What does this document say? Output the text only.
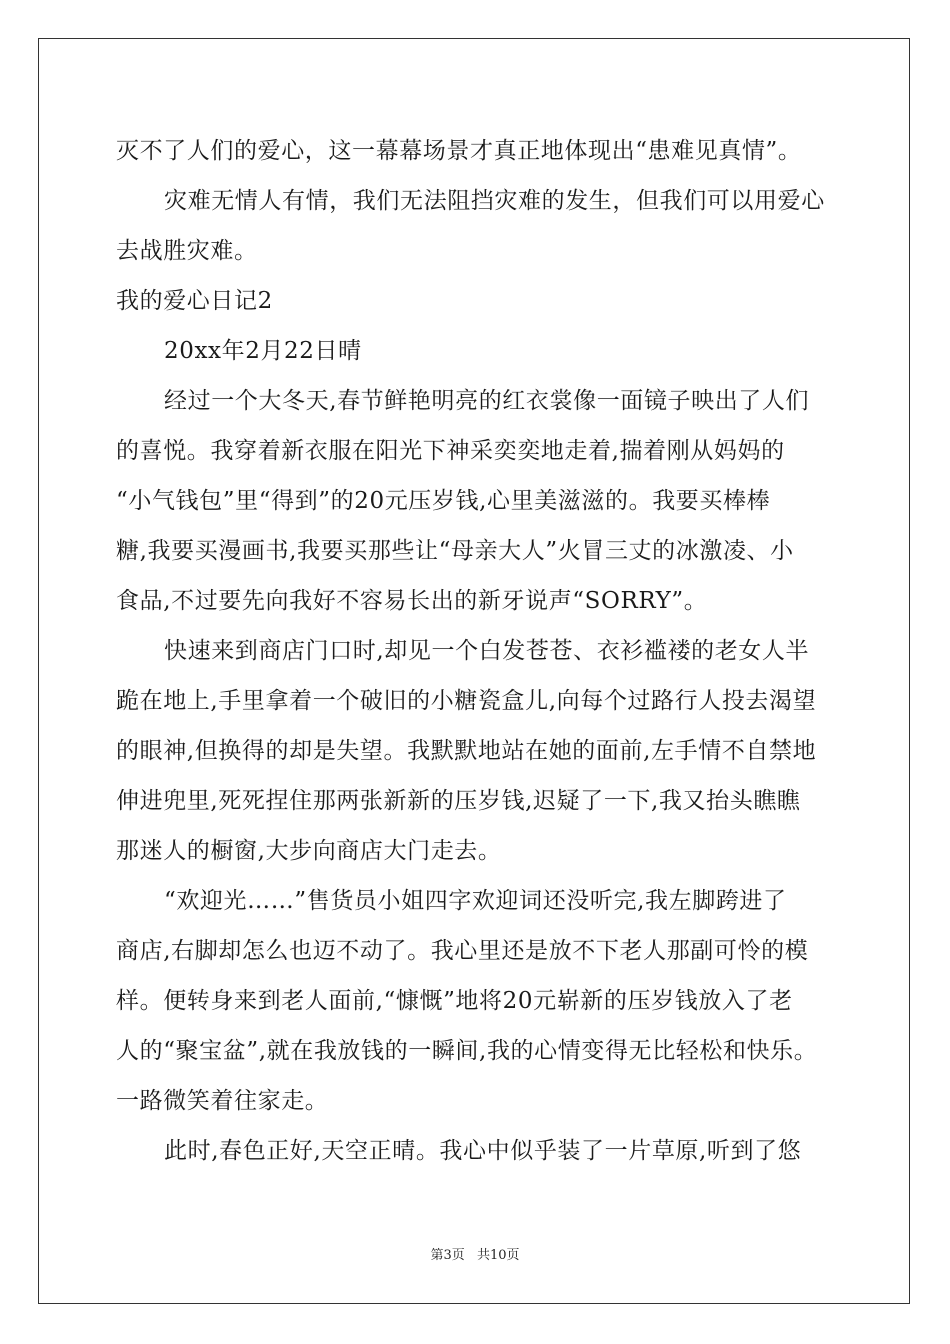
灭不了人们的爱心，这一幕幕场景才真正地体现出“患难见真情”。
灾难无情人有情，我们无法阻挡灾难的发生，但我们可以用爱心
去战胜灾难。
我的爱心日记2
20xx年2月22日晴
经过一个大冬天,春节鲜艳明亮的红衣裳像一面镜子映出了人们
的喜悦。我穿着新衣服在阳光下神采奕奕地走着,揣着刚从妈妈的
“小气钱包”里“得到”的20元压岁钱,心里美滋滋的。我要买棒棒
糖,我要买漫画书,我要买那些让“母亲大人”火冒三丈的冰激凌、小
食品,不过要先向我好不容易长出的新牙说声“SORRY”。
快速来到商店门口时,却见一个白发苍苍、衣衫褴褛的老女人半
跪在地上,手里拿着一个破旧的小糖瓷盒儿,向每个过路行人投去渴望
的眼神,但换得的却是失望。我默默地站在她的面前,左手情不自禁地
伸进兜里,死死捏住那两张新新的压岁钱,迟疑了一下,我又抬头瞧瞧
那迷人的橱窗,大步向商店大门走去。
“欢迎光……”售货员小姐四字欢迎词还没听完,我左脚跨进了
商店,右脚却怎么也迈不动了。我心里还是放不下老人那副可怜的模
样。便转身来到老人面前,“慷慨”地将20元崭新的压岁钱放入了老
人的“聚宝盆”,就在我放钱的一瞬间,我的心情变得无比轻松和快乐。
一路微笑着往家走。
此时,春色正好,天空正晴。我心中似乎装了一片草原,听到了悠
第3页 共10页
